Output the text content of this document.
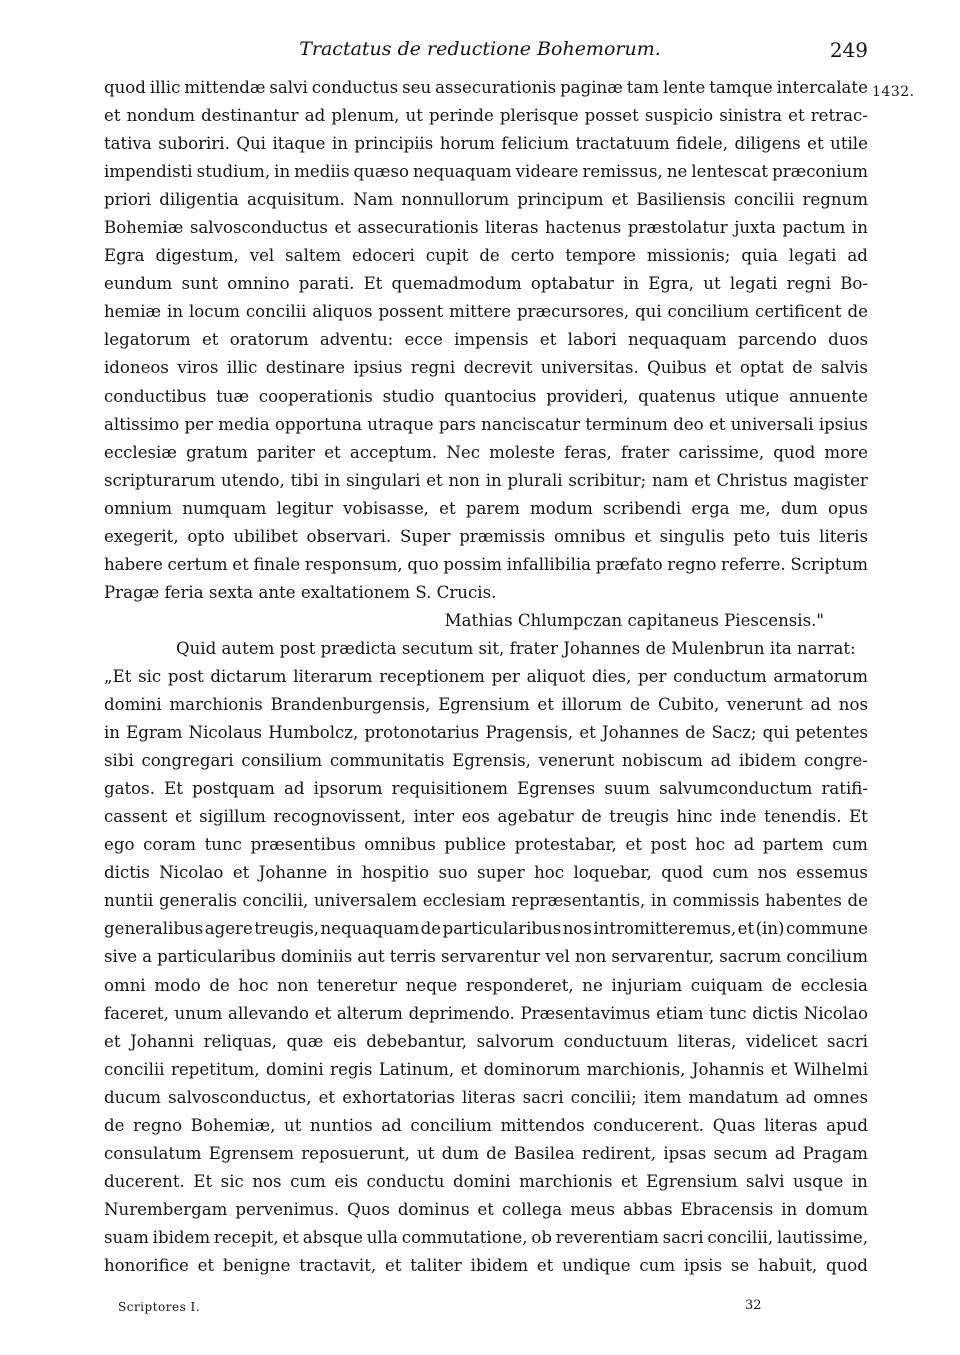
Tractatus de reductione Bohemorum.	249
1432.
quod illic mittendæ salvi conductus seu assecurationis paginæ tam lente tamque intercalate
et nondum destinantur ad plenum, ut perinde plerisque posset suspicio sinistra et retrac-
tativa suboriri. Qui itaque in principiis horum felicium tractatuum fidele, diligens et utile
impendisti studium, in mediis quæso nequaquam videare remissus, ne lentescat præconium
priori diligentia acquisitum. Nam nonnullorum principum et Basiliensis concilii regnum
Bohemiæ salvosconductus et assecurationis literas hactenus præstolatur juxta pactum in
Egra digestum, vel saltem edoceri cupit de certo tempore missionis; quia legati ad
eundum sunt omnino parati. Et quemadmodum optabatur in Egra, ut legati regni Bo-
hemiæ in locum concilii aliquos possent mittere præcursores, qui concilium certificent de
legatorum et oratorum adventu: ecce impensis et labori nequaquam parcendo duos
idoneos viros illic destinare ipsius regni decrevit universitas. Quibus et optat de salvis
conductibus tuæ cooperationis studio quantocius provideri, quatenus utique annuente
altissimo per media opportuna utraque pars nanciscatur terminum deo et universali ipsius
ecclesiæ gratum pariter et acceptum. Nec moleste feras, frater carissime, quod more
scripturarum utendo, tibi in singulari et non in plurali scribitur; nam et Christus magister
omnium numquam legitur vobisasse, et parem modum scribendi erga me, dum opus
exegerit, opto ubilibet observari. Super præmissis omnibus et singulis peto tuis literis
habere certum et finale responsum, quo possim infallibilia præfato regno referre. Scriptum
Pragæ feria sexta ante exaltationem S. Crucis.
Mathias Chlumpczan capitaneus Piescensis."
Quid autem post prædicta secutum sit, frater Johannes de Mulenbrun ita narrat:
„Et sic post dictarum literarum receptionem per aliquot dies, per conductum armatorum
domini marchionis Brandenburgensis, Egrensium et illorum de Cubito, venerunt ad nos
in Egram Nicolaus Humbolcz, protonotarius Pragensis, et Johannes de Sacz; qui petentes
sibi congregari consilium communitatis Egrensis, venerunt nobiscum ad ibidem congre-
gatos. Et postquam ad ipsorum requisitionem Egrenses suum salvumconductum ratifi-
cassent et sigillum recognovissent, inter eos agebatur de treugis hinc inde tenendis. Et
ego coram tunc præsentibus omnibus publice protestabar, et post hoc ad partem cum
dictis Nicolao et Johanne in hospitio suo super hoc loquebar, quod cum nos essemus
nuntii generalis concilii, universalem ecclesiam repræsentantis, in commissis habentes de
generalibus agere treugis, nequaquam de particularibus nos intromitteremus, et (in) commune
sive a particularibus dominiis aut terris servarentur vel non servarentur, sacrum concilium
omni modo de hoc non teneretur neque responderet, ne injuriam cuiquam de ecclesia
faceret, unum allevando et alterum deprimendo. Præsentavimus etiam tunc dictis Nicolao
et Johanni reliquas, quæ eis debebantur, salvorum conductuum literas, videlicet sacri
concilii repetitum, domini regis Latinum, et dominorum marchionis, Johannis et Wilhelmi
ducum salvosconductus, et exhortatorias literas sacri concilii; item mandatum ad omnes
de regno Bohemiæ, ut nuntios ad concilium mittendos conducerent. Quas literas apud
consulatum Egrensem reposuerunt, ut dum de Basilea redirent, ipsas secum ad Pragam
ducerent. Et sic nos cum eis conductu domini marchionis et Egrensium salvi usque in
Nurembergam pervenimus. Quos dominus et collega meus abbas Ebracensis in domum
suam ibidem recepit, et absque ulla commutatione, ob reverentiam sacri concilii, lautissime,
honorifice et benigne tractavit, et taliter ibidem et undique cum ipsis se habuit, quod
Scriptores I.	32
